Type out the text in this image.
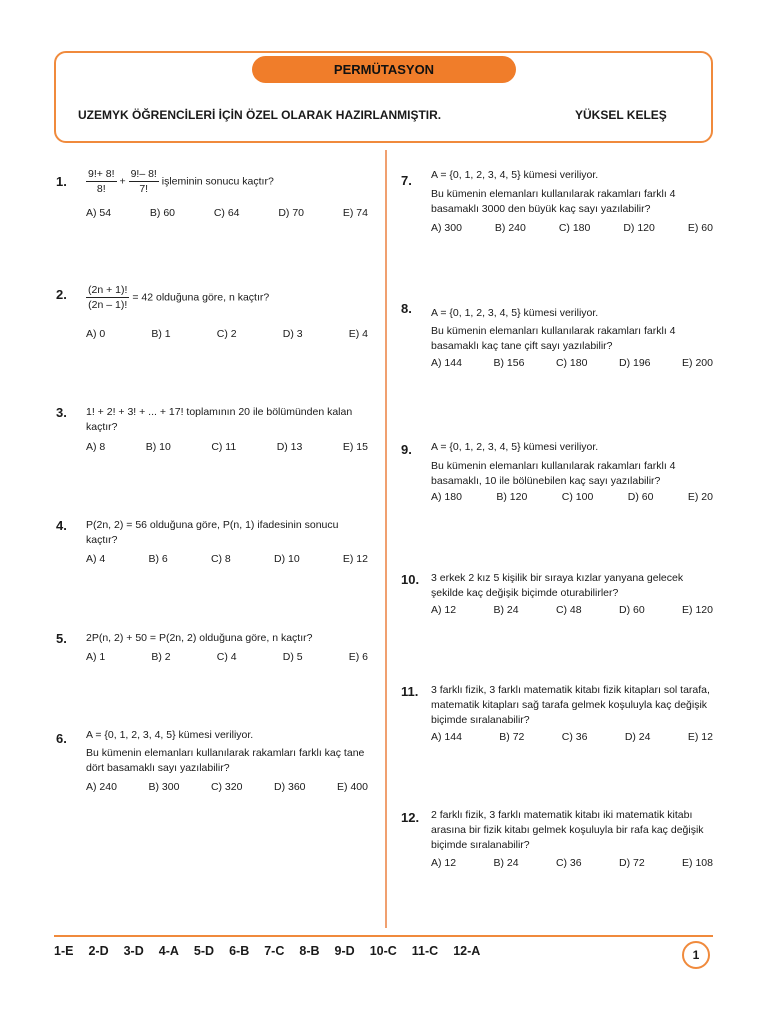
PERMÜTASYON
UZEMYK ÖĞRENCİLERİ İÇİN ÖZEL OLARAK HAZIRLANMIŞTIR.	YÜKSEL KELEŞ
1. $\frac{9!+ 8!}{8!} + \frac{9!- 8!}{7!}$ işleminin sonucu kaçtır?
A) 54	B) 60	C) 64	D) 70	E) 74
2. $\frac{(2n + 1)!}{(2n - 1)!} = 42$ olduğuna göre, n kaçtır?
A) 0	B) 1	C) 2	D) 3	E) 4
3. 1! + 2! + 3! + ... + 17! toplamının 20 ile bölümünden kalan kaçtır?
A) 8	B) 10	C) 11	D) 13	E) 15
4. P(2n, 2) = 56 olduğuna göre, P(n, 1) ifadesinin sonucu kaçtır?
A) 4	B) 6	C) 8	D) 10	E) 12
5. 2P(n, 2) + 50 = P(2n, 2) olduğuna göre, n kaçtır?
A) 1	B) 2	C) 4	D) 5	E) 6
6. A = {0, 1, 2, 3, 4, 5} kümesi veriliyor.
Bu kümenin elemanları kullanılarak rakamları farklı kaç tane dört basamaklı sayı yazılabilir?
A) 240	B) 300	C) 320	D) 360	E) 400
7. A = {0, 1, 2, 3, 4, 5} kümesi veriliyor.
Bu kümenin elemanları kullanılarak rakamları farklı 4 basamaklı 3000 den büyük kaç sayı yazılabilir?
A) 300	B) 240	C) 180	D) 120	E) 60
8. A = {0, 1, 2, 3, 4, 5} kümesi veriliyor.
Bu kümenin elemanları kullanılarak rakamları farklı 4 basamaklı kaç tane çift sayı yazılabilir?
A) 144	B) 156	C) 180	D) 196	E) 200
9. A = {0, 1, 2, 3, 4, 5} kümesi veriliyor.
Bu kümenin elemanları kullanılarak rakamları farklı 4 basamaklı, 10 ile bölünebilen kaç sayı yazılabilir?
A) 180	B) 120	C) 100	D) 60	E) 20
10. 3 erkek 2 kız 5 kişilik bir sıraya kızlar yanyana gelecek şekilde kaç değişik biçimde oturabilirler?
A) 12	B) 24	C) 48	D) 60	E) 120
11. 3 farklı fizik, 3 farklı matematik kitabı fizik kitapları sol tarafa, matematik kitapları sağ tarafa gelmek koşuluyla kaç değişik biçimde sıralanabilir?
A) 144	B) 72	C) 36	D) 24	E) 12
12. 2 farklı fizik, 3 farklı matematik kitabı iki matematik kitabı arasına bir fizik kitabı gelmek koşuluyla bir rafa kaç değişik biçimde sıralanabilir?
A) 12	B) 24	C) 36	D) 72	E) 108
1-E 2-D 3-D 4-A 5-D 6-B 7-C 8-B 9-D 10-C 11-C 12-A	1
